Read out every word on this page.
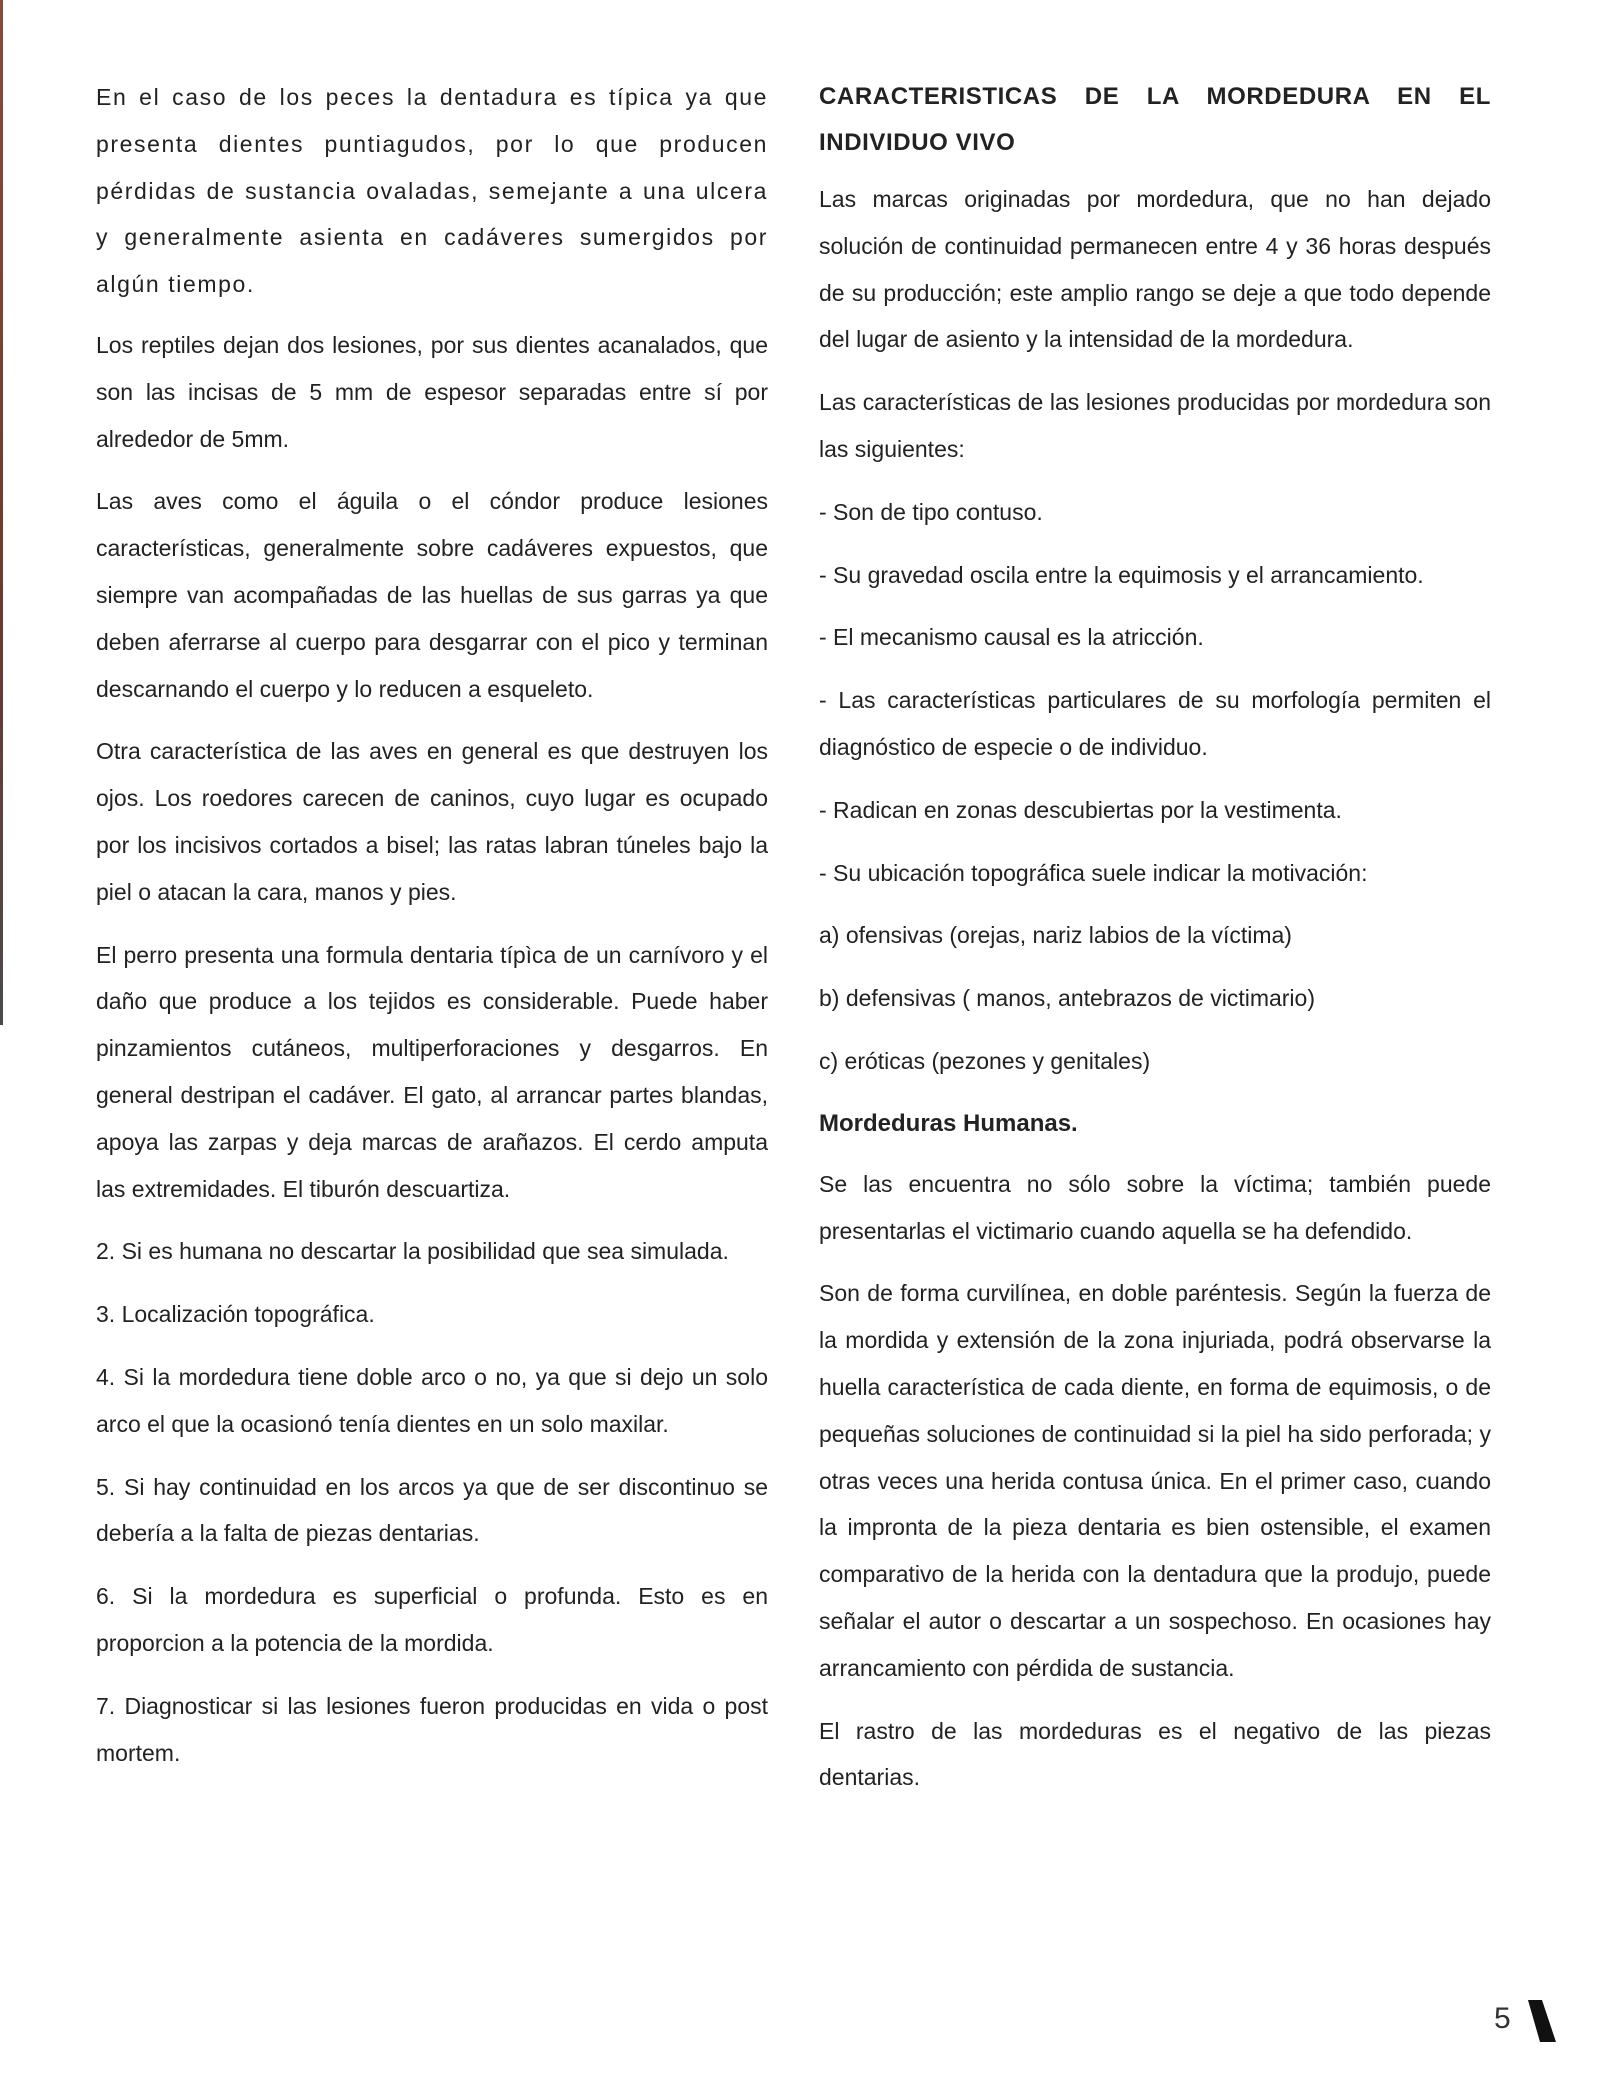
En el caso de los peces la dentadura es típica ya que presenta dientes puntiagudos, por lo que producen pérdidas de sustancia ovaladas, semejante a una ulcera y generalmente asienta en cadáveres sumergidos por algún tiempo.

Los reptiles dejan dos lesiones, por sus dientes acanalados, que son las incisas de 5 mm de espesor separadas entre sí por alrededor de 5mm.

Las aves como el águila o el cóndor produce lesiones características, generalmente sobre cadáveres expuestos, que siempre van acompañadas de las huellas de sus garras ya que deben aferrarse al cuerpo para desgarrar con el pico y terminan descarnando el cuerpo y lo reducen a esqueleto.

Otra característica de las aves en general es que destruyen los ojos. Los roedores carecen de caninos, cuyo lugar es ocupado por los incisivos cortados a bisel; las ratas labran túneles bajo la piel o atacan la cara, manos y pies.

El perro presenta una formula dentaria típìca de un carnívoro y el daño que produce a los tejidos es considerable. Puede haber pinzamientos cutáneos, multiperforaciones y desgarros. En general destripan el cadáver. El gato, al arrancar partes blandas, apoya las zarpas y deja marcas de arañazos. El cerdo amputa las extremidades. El tiburón descuartiza.

2. Si es humana no descartar la posibilidad que sea simulada.

3. Localización topográfica.

4. Si la mordedura tiene doble arco o no, ya que si dejo un solo arco el que la ocasionó tenía dientes en un solo maxilar.

5. Si hay continuidad en los arcos ya que de ser discontinuo se debería a la falta de piezas dentarias.

6. Si la mordedura es superficial o profunda. Esto es en proporcion a la potencia de la mordida.

7. Diagnosticar si las lesiones fueron producidas en vida o post mortem.

CARACTERISTICAS DE LA MORDEDURA EN EL INDIVIDUO VIVO

Las marcas originadas por mordedura, que no han dejado solución de continuidad permanecen entre 4 y 36 horas después de su producción; este amplio rango se deje a que todo depende del lugar de asiento y la intensidad de la mordedura.

Las características de las lesiones producidas por mordedura son las siguientes:

- Son de tipo contuso.

- Su gravedad oscila entre la equimosis y el arrancamiento.

- El mecanismo causal es la atricción.

- Las características particulares de su morfología permiten el diagnóstico de especie o de individuo.

- Radican en zonas descubiertas por la vestimenta.

- Su ubicación topográfica suele indicar la motivación:

a) ofensivas (orejas, nariz labios de la víctima)

b) defensivas ( manos, antebrazos de victimario)

c) eróticas (pezones y genitales)

Mordeduras Humanas.

Se las encuentra no sólo sobre la víctima; también puede presentarlas el victimario cuando aquella se ha defendido.

Son de forma curvilínea, en doble paréntesis. Según la fuerza de la mordida y extensión de la zona injuriada, podrá observarse la huella característica de cada diente, en forma de equimosis, o de pequeñas soluciones de continuidad si la piel ha sido perforada; y otras veces una herida contusa única. En el primer caso, cuando la impronta de la pieza dentaria es bien ostensible, el examen comparativo de la herida con la dentadura que la produjo, puede señalar el autor o descartar a un sospechoso. En ocasiones hay arrancamiento con pérdida de sustancia.

El rastro de las mordeduras es el negativo de las piezas dentarias.

5
